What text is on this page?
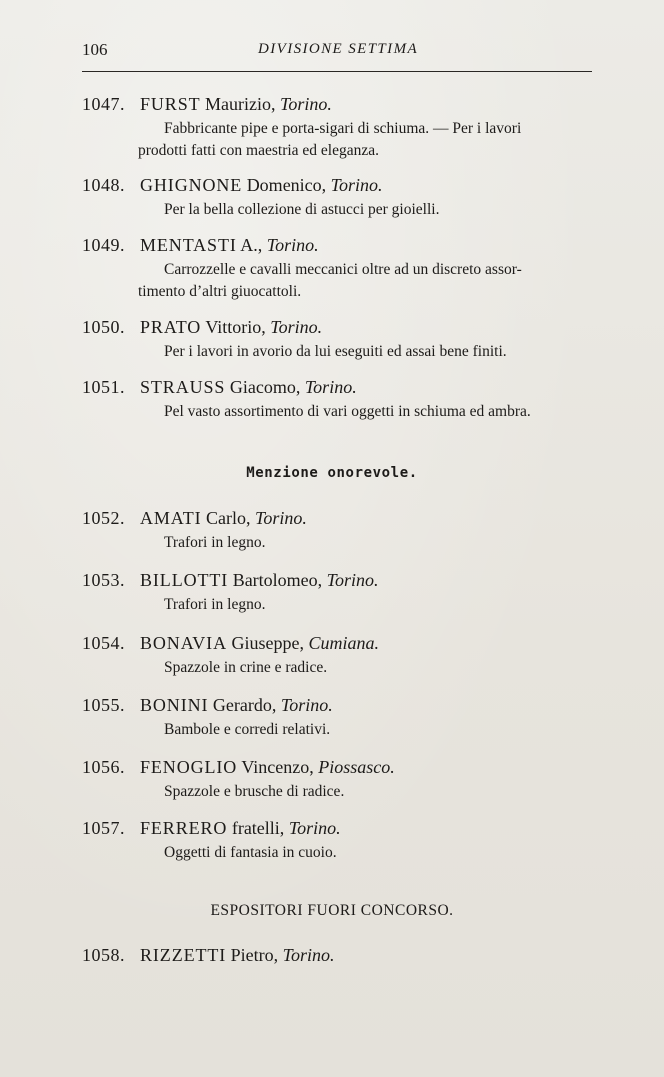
106	DIVISIONE SETTIMA
1047. FURST Maurizio, Torino.
Fabbricante pipe e porta-sigari di schiuma. — Per i lavori
prodotti fatti con maestria ed eleganza.
1048. GHIGNONE Domenico, Torino.
Per la bella collezione di astucci per gioielli.
1049. MENTASTI A., Torino.
Carrozzelle e cavalli meccanici oltre ad un discreto assor-
timento d’altri giuocattoli.
1050. PRATO Vittorio, Torino.
Per i lavori in avorio da lui eseguiti ed assai bene finiti.
1051. STRAUSS Giacomo, Torino.
Pel vasto assortimento di vari oggetti in schiuma ed ambra.
Menzione onorevole.
1052. AMATI Carlo, Torino.
Trafori in legno.
1053. BILLOTTI Bartolomeo, Torino.
Trafori in legno.
1054. BONAVIA Giuseppe, Cumiana.
Spazzole in crine e radice.
1055. BONINI Gerardo, Torino.
Bambole e corredi relativi.
1056. FENOGLIO Vincenzo, Piossasco.
Spazzole e brusche di radice.
1057. FERRERO fratelli, Torino.
Oggetti di fantasia in cuoio.
ESPOSITORI FUORI CONCORSO.
1058. RIZZETTI Pietro, Torino.
